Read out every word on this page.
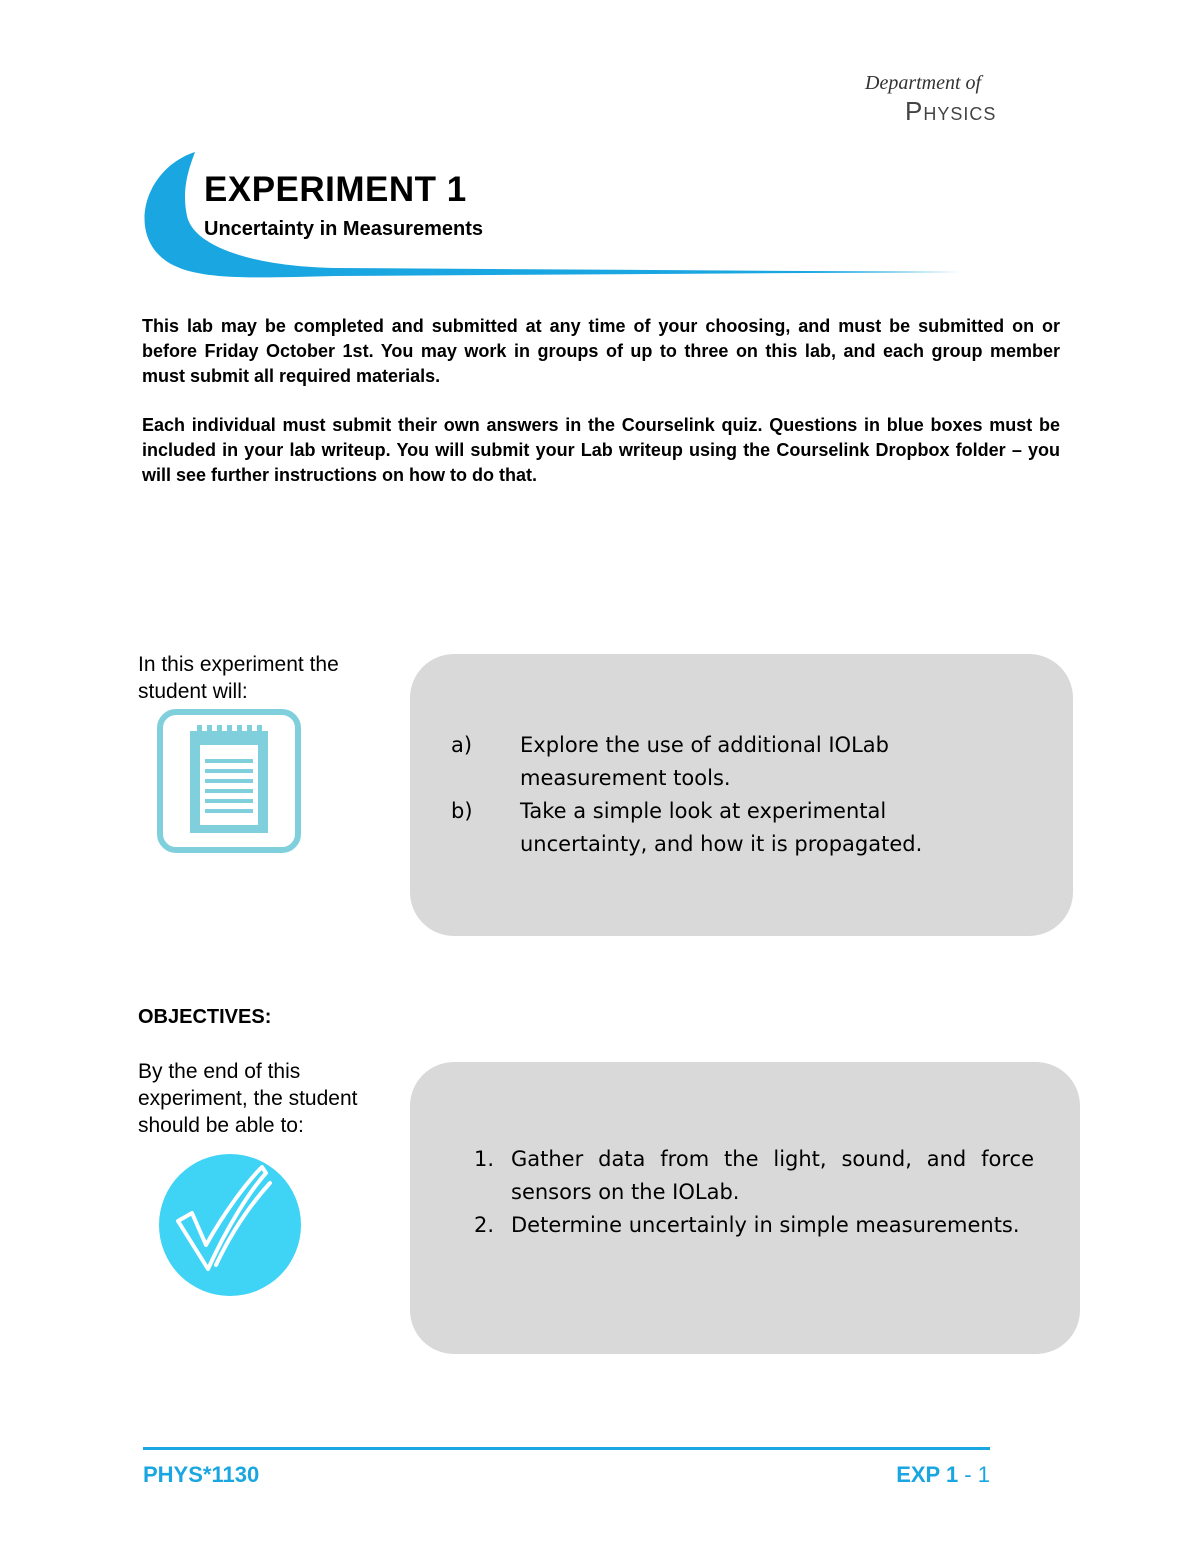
Department of
Physics
EXPERIMENT 1
Uncertainty in Measurements

This lab may be completed and submitted at any time of your choosing, and must be submitted on or before Friday October 1st. You may work in groups of up to three on this lab, and each group member must submit all required materials.

Each individual must submit their own answers in the Courselink quiz. Questions in blue boxes must be included in your lab writeup. You will submit your Lab writeup using the Courselink Dropbox folder – you will see further instructions on how to do that.

In this experiment the student will:

a)	Explore the use of additional IOLab measurement tools.
b)	Take a simple look at experimental uncertainty, and how it is propagated.
OBJECTIVES:

By the end of this experiment, the student should be able to:

1. Gather data from the light, sound, and force sensors on the IOLab.
2. Determine uncertainly in simple measurements.
PHYS*1130	EXP 1 - 1
